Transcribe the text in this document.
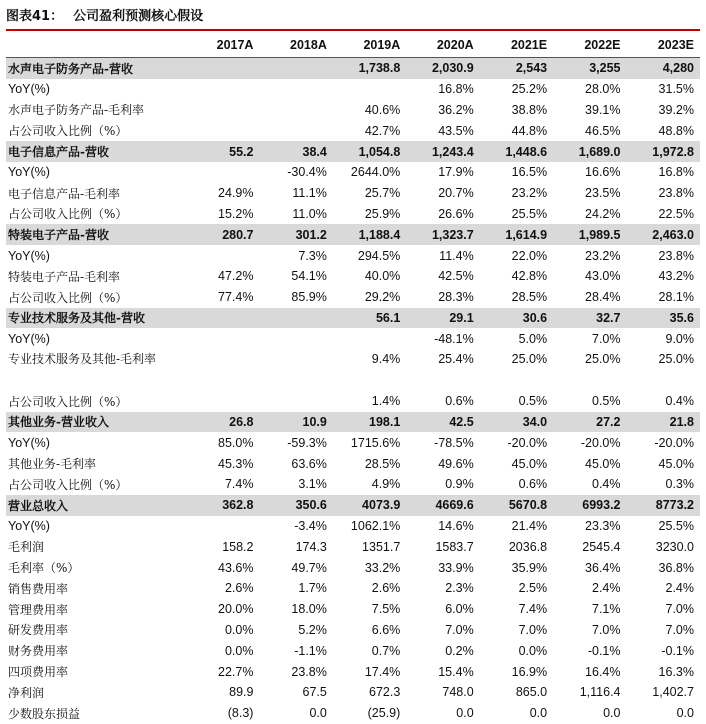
图表41： 公司盈利预测核心假设
	2017A	2018A	2019A	2020A	2021E	2022E	2023E
水声电子防务产品-营收			1,738.8	2,030.9	2,543	3,255	4,280
YoY(%)				16.8%	25.2%	28.0%	31.5%
水声电子防务产品-毛利率			40.6%	36.2%	38.8%	39.1%	39.2%
占公司收入比例（%）			42.7%	43.5%	44.8%	46.5%	48.8%
电子信息产品-营收	55.2	38.4	1,054.8	1,243.4	1,448.6	1,689.0	1,972.8
YoY(%)		-30.4%	2644.0%	17.9%	16.5%	16.6%	16.8%
电子信息产品-毛利率	24.9%	11.1%	25.7%	20.7%	23.2%	23.5%	23.8%
占公司收入比例（%）	15.2%	11.0%	25.9%	26.6%	25.5%	24.2%	22.5%
特装电子产品-营收	280.7	301.2	1,188.4	1,323.7	1,614.9	1,989.5	2,463.0
YoY(%)		7.3%	294.5%	11.4%	22.0%	23.2%	23.8%
特装电子产品-毛利率	47.2%	54.1%	40.0%	42.5%	42.8%	43.0%	43.2%
占公司收入比例（%）	77.4%	85.9%	29.2%	28.3%	28.5%	28.4%	28.1%
专业技术服务及其他-营收			56.1	29.1	30.6	32.7	35.6
YoY(%)				-48.1%	5.0%	7.0%	9.0%
专业技术服务及其他-毛利率			9.4%	25.4%	25.0%	25.0%	25.0%
占公司收入比例（%）			1.4%	0.6%	0.5%	0.5%	0.4%
其他业务-营业收入	26.8	10.9	198.1	42.5	34.0	27.2	21.8
YoY(%)	85.0%	-59.3%	1715.6%	-78.5%	-20.0%	-20.0%	-20.0%
其他业务-毛利率	45.3%	63.6%	28.5%	49.6%	45.0%	45.0%	45.0%
占公司收入比例（%）	7.4%	3.1%	4.9%	0.9%	0.6%	0.4%	0.3%
营业总收入	362.8	350.6	4073.9	4669.6	5670.8	6993.2	8773.2
YoY(%)		-3.4%	1062.1%	14.6%	21.4%	23.3%	25.5%
毛利润	158.2	174.3	1351.7	1583.7	2036.8	2545.4	3230.0
毛利率（%）	43.6%	49.7%	33.2%	33.9%	35.9%	36.4%	36.8%
销售费用率	2.6%	1.7%	2.6%	2.3%	2.5%	2.4%	2.4%
管理费用率	20.0%	18.0%	7.5%	6.0%	7.4%	7.1%	7.0%
研发费用率	0.0%	5.2%	6.6%	7.0%	7.0%	7.0%	7.0%
财务费用率	0.0%	-1.1%	0.7%	0.2%	0.0%	-0.1%	-0.1%
四项费用率	22.7%	23.8%	17.4%	15.4%	16.9%	16.4%	16.3%
净利润	89.9	67.5	672.3	748.0	865.0	1,116.4	1,402.7
少数股东损益	(8.3)	0.0	(25.9)	0.0	0.0	0.0	0.0
